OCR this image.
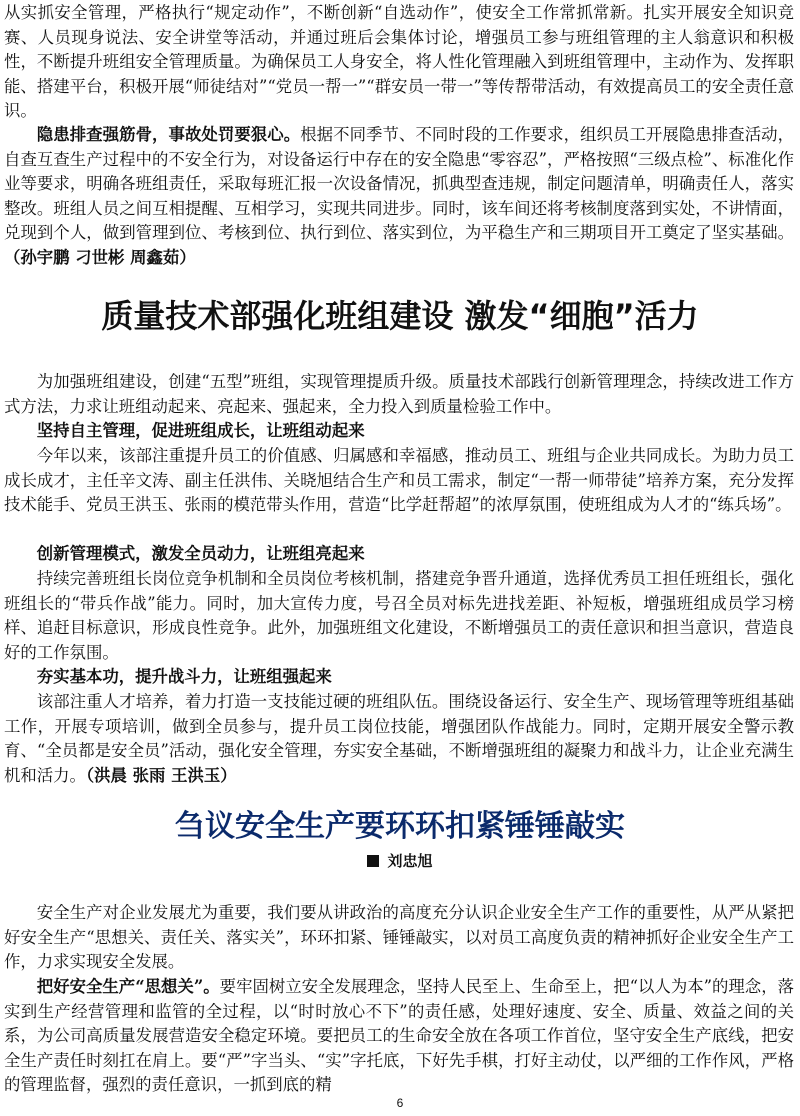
从实抓安全管理，严格执行“规定动作”，不断创新“自选动作”，使安全工作常抓常新。扎实开展安全知识竞赛、人员现身说法、安全讲堂等活动，并通过班后会集体讨论，增强员工参与班组管理的主人翁意识和积极性，不断提升班组安全管理质量。为确保员工人身安全，将人性化管理融入到班组管理中，主动作为、发挥职能、搭建平台，积极开展“师徒结对”“党员一帮一”“群安员一带一”等传帮带活动，有效提高员工的安全责任意识。

隐患排查强筋骨，事故处罚要狠心。根据不同季节、不同时段的工作要求，组织员工开展隐患排查活动，自查互查生产过程中的不安全行为，对设备运行中存在的安全隐患“零容忍”，严格按照“三级点检”、标准化作业等要求，明确各班组责任，采取每班汇报一次设备情况，抓典型查违规，制定问题清单，明确责任人，落实整改。班组人员之间互相提醒、互相学习，实现共同进步。同时，该车间还将考核制度落到实处，不讲情面，兑现到个人，做到管理到位、考核到位、执行到位、落实到位，为平稳生产和三期项目开工奠定了坚实基础。（孙宇鹏 刁世彬 周鑫茹）

质量技术部强化班组建设 激发“细胞”活力

为加强班组建设，创建“五型”班组，实现管理提质升级。质量技术部践行创新管理理念，持续改进工作方式方法，力求让班组动起来、亮起来、强起来，全力投入到质量检验工作中。

坚持自主管理，促进班组成长，让班组动起来

今年以来，该部注重提升员工的价值感、归属感和幸福感，推动员工、班组与企业共同成长。为助力员工成长成才，主任辛文涛、副主任洪伟、关晓旭结合生产和员工需求，制定“一帮一师带徒”培养方案，充分发挥技术能手、党员王洪玉、张雨的模范带头作用，营造“比学赶帮超”的浓厚氛围，使班组成为人才的“练兵场”。

创新管理模式，激发全员动力，让班组亮起来

持续完善班组长岗位竞争机制和全员岗位考核机制，搭建竞争晋升通道，选择优秀员工担任班组长，强化班组长的“带兵作战”能力。同时，加大宣传力度，号召全员对标先进找差距、补短板，增强班组成员学习榜样、追赶目标意识，形成良性竞争。此外，加强班组文化建设，不断增强员工的责任意识和担当意识，营造良好的工作氛围。

夯实基本功，提升战斗力，让班组强起来

该部注重人才培养，着力打造一支技能过硬的班组队伍。围绕设备运行、安全生产、现场管理等班组基础工作，开展专项培训，做到全员参与，提升员工岗位技能，增强团队作战能力。同时，定期开展安全警示教育、“全员都是安全员”活动，强化安全管理，夯实安全基础，不断增强班组的凝聚力和战斗力，让企业充满生机和活力。（洪晨 张雨 王洪玉）

刍议安全生产要环环扣紧锤锤敲实

刘忠旭

安全生产对企业发展尤为重要，我们要从讲政治的高度充分认识企业安全生产工作的重要性，从严从紧把好安全生产“思想关、责任关、落实关”，环环扣紧、锤锤敲实，以对员工高度负责的精神抓好企业安全生产工作，力求实现安全发展。

把好安全生产“思想关”。要牢固树立安全发展理念，坚持人民至上、生命至上，把“以人为本”的理念，落实到生产经营管理和监管的全过程，以“时时放心不下”的责任感，处理好速度、安全、质量、效益之间的关系，为公司高质量发展营造安全稳定环境。要把员工的生命安全放在各项工作首位，坚守安全生产底线，把安全生产责任时刻扛在肩上。要“严”字当头、“实”字托底，下好先手棋，打好主动仗，以严细的工作作风，严格的管理监督，强烈的责任意识，一抓到底的精

6
